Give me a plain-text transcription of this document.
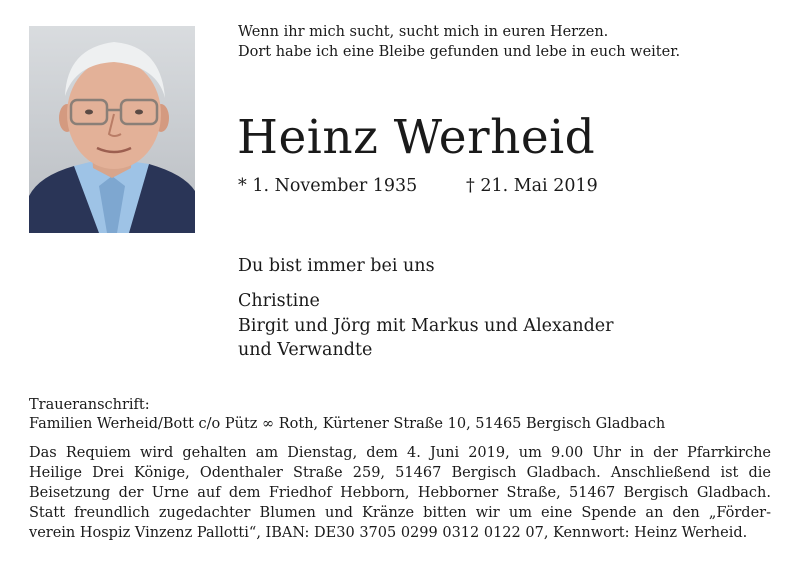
Wenn ihr mich sucht, sucht mich in euren Herzen.
Dort habe ich eine Bleibe gefunden und lebe in euch weiter.
Heinz Werheid
* 1. November 1935	† 21. Mai 2019
Du bist immer bei uns
Christine
Birgit und Jörg mit Markus und Alexander
und Verwandte
Traueranschrift:
Familien Werheid/Bott c/o Pütz ∞ Roth, Kürtener Straße 10, 51465 Bergisch Gladbach
Das Requiem wird gehalten am Dienstag, dem 4. Juni 2019, um 9.00 Uhr in der Pfarrkirche
Heilige Drei Könige, Odenthaler Straße 259, 51467 Bergisch Gladbach. Anschließend ist die
Beisetzung der Urne auf dem Friedhof Hebborn, Hebborner Straße, 51467 Bergisch Gladbach.
Statt freundlich zugedachter Blumen und Kränze bitten wir um eine Spende an den „Förder-
verein Hospiz Vinzenz Pallotti“, IBAN: DE30 3705 0299 0312 0122 07, Kennwort: Heinz Werheid.
